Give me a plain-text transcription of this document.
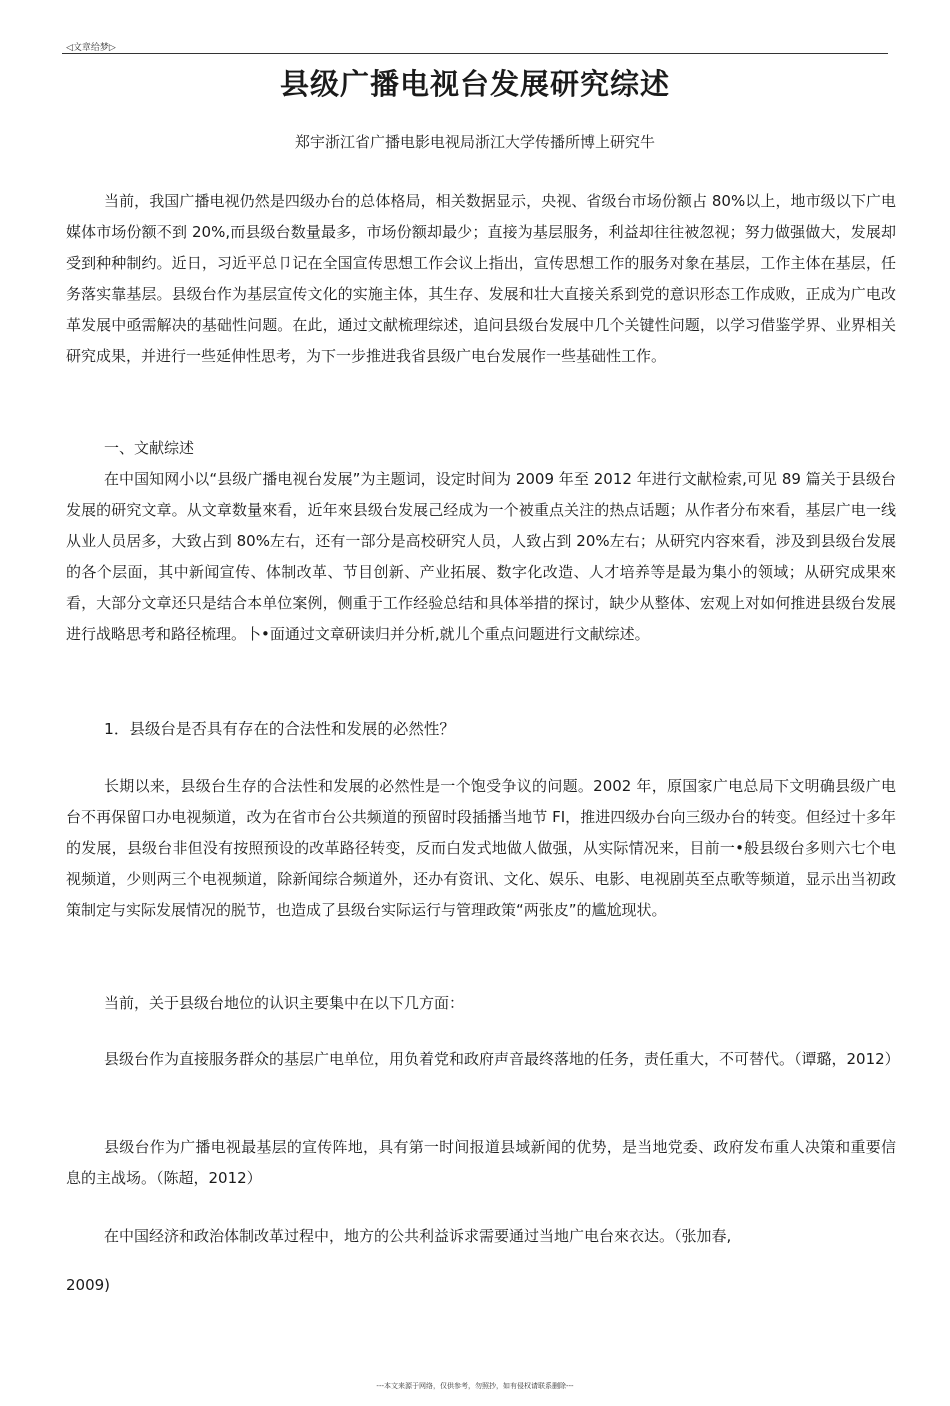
◁文章给梦▷
县级广播电视台发展研究综述
郑宇浙江省广播电影电视局浙江大学传播所博上研究牛

当前，我国广播电视仍然是四级办台的总体格局，相关数据显示，央视、省级台市场份额占 80%以上，地市级以下广电媒体市场份额不到 20%,而县级台数量最多，市场份额却最少；直接为基层服务，利益却往往被忽视；努力做强做大，发展却受到种种制约。近日，习近平总卩记在全国宣传思想工作会议上指出，宣传思想工作的服务对象在基层，工作主体在基层，任务落实靠基层。县级台作为基层宣传文化的实施主体，其生存、发展和壮大直接关系到党的意识形态工作成败，正成为广电改革发展中亟需解决的基础性问题。在此，通过文献梳理综述，追问县级台发展中几个关键性问题，以学习借鉴学界、业界相关研究成果，并进行一些延伸性思考，为下一步推进我省县级广电台发展作一些基础性工作。

一、文献综述

在中国知网小以“县级广播电视台发展”为主题词，设定时间为 2009 年至 2012 年进行文献检索,可见 89 篇关于县级台发展的研究文章。从文章数量來看，近年來县级台发展己经成为一个被重点关注的热点话题；从作者分布來看，基层广电一线从业人员居多，大致占到 80%左右，还有一部分是高校研究人员，人致占到 20%左右；从研究内容來看，涉及到县级台发展的各个层面，其中新闻宣传、体制改革、节目创新、产业拓展、数字化改造、人才培养等是最为集小的领域；从研究成果來看，大部分文章还只是结合本单位案例，侧重于工作经验总结和具体举措的探讨，缺少从整体、宏观上对如何推进县级台发展进行战略思考和路径梳理。卜•面通过文章研读归并分析,就儿个重点问题进行文献综述。

1．县级台是否具有存在的合法性和发展的必然性？

长期以来，县级台生存的合法性和发展的必然性是一个饱受争议的问题。2002 年，原国家广电总局下文明确县级广电台不再保留口办电视频道，改为在省市台公共频道的预留时段插播当地节 FI，推进四级办台向三级办台的转变。但经过十多年的发展，县级台非但没有按照预设的改革路径转变，反而白发式地做人做强，从实际情况来，目前一•般县级台多则六七个电视频道，少则两三个电视频道，除新闻综合频道外，还办有资讯、文化、娱乐、电影、电视剧英至点歌等频道，显示出当初政策制定与实际发展情况的脱节，也造成了县级台实际运行与管理政策“两张皮”的尴尬现状。

当前，关于县级台地位的认识主要集中在以下几方面：

县级台作为直接服务群众的基层广电单位，用负着党和政府声音最终落地的任务，责任重大，不可替代。（谭璐，2012）

县级台作为广播电视最基层的宣传阵地，具有第一时间报道县域新闻的优势，是当地党委、政府发布重人决策和重要信息的主战场。（陈超，2012）

在中国经济和政治体制改革过程中，地方的公共利益诉求需要通过当地广电台來衣达。（张加春,

2009)

---本文来源于网络，仅供参考，勿照抄，如有侵权请联系删除---
